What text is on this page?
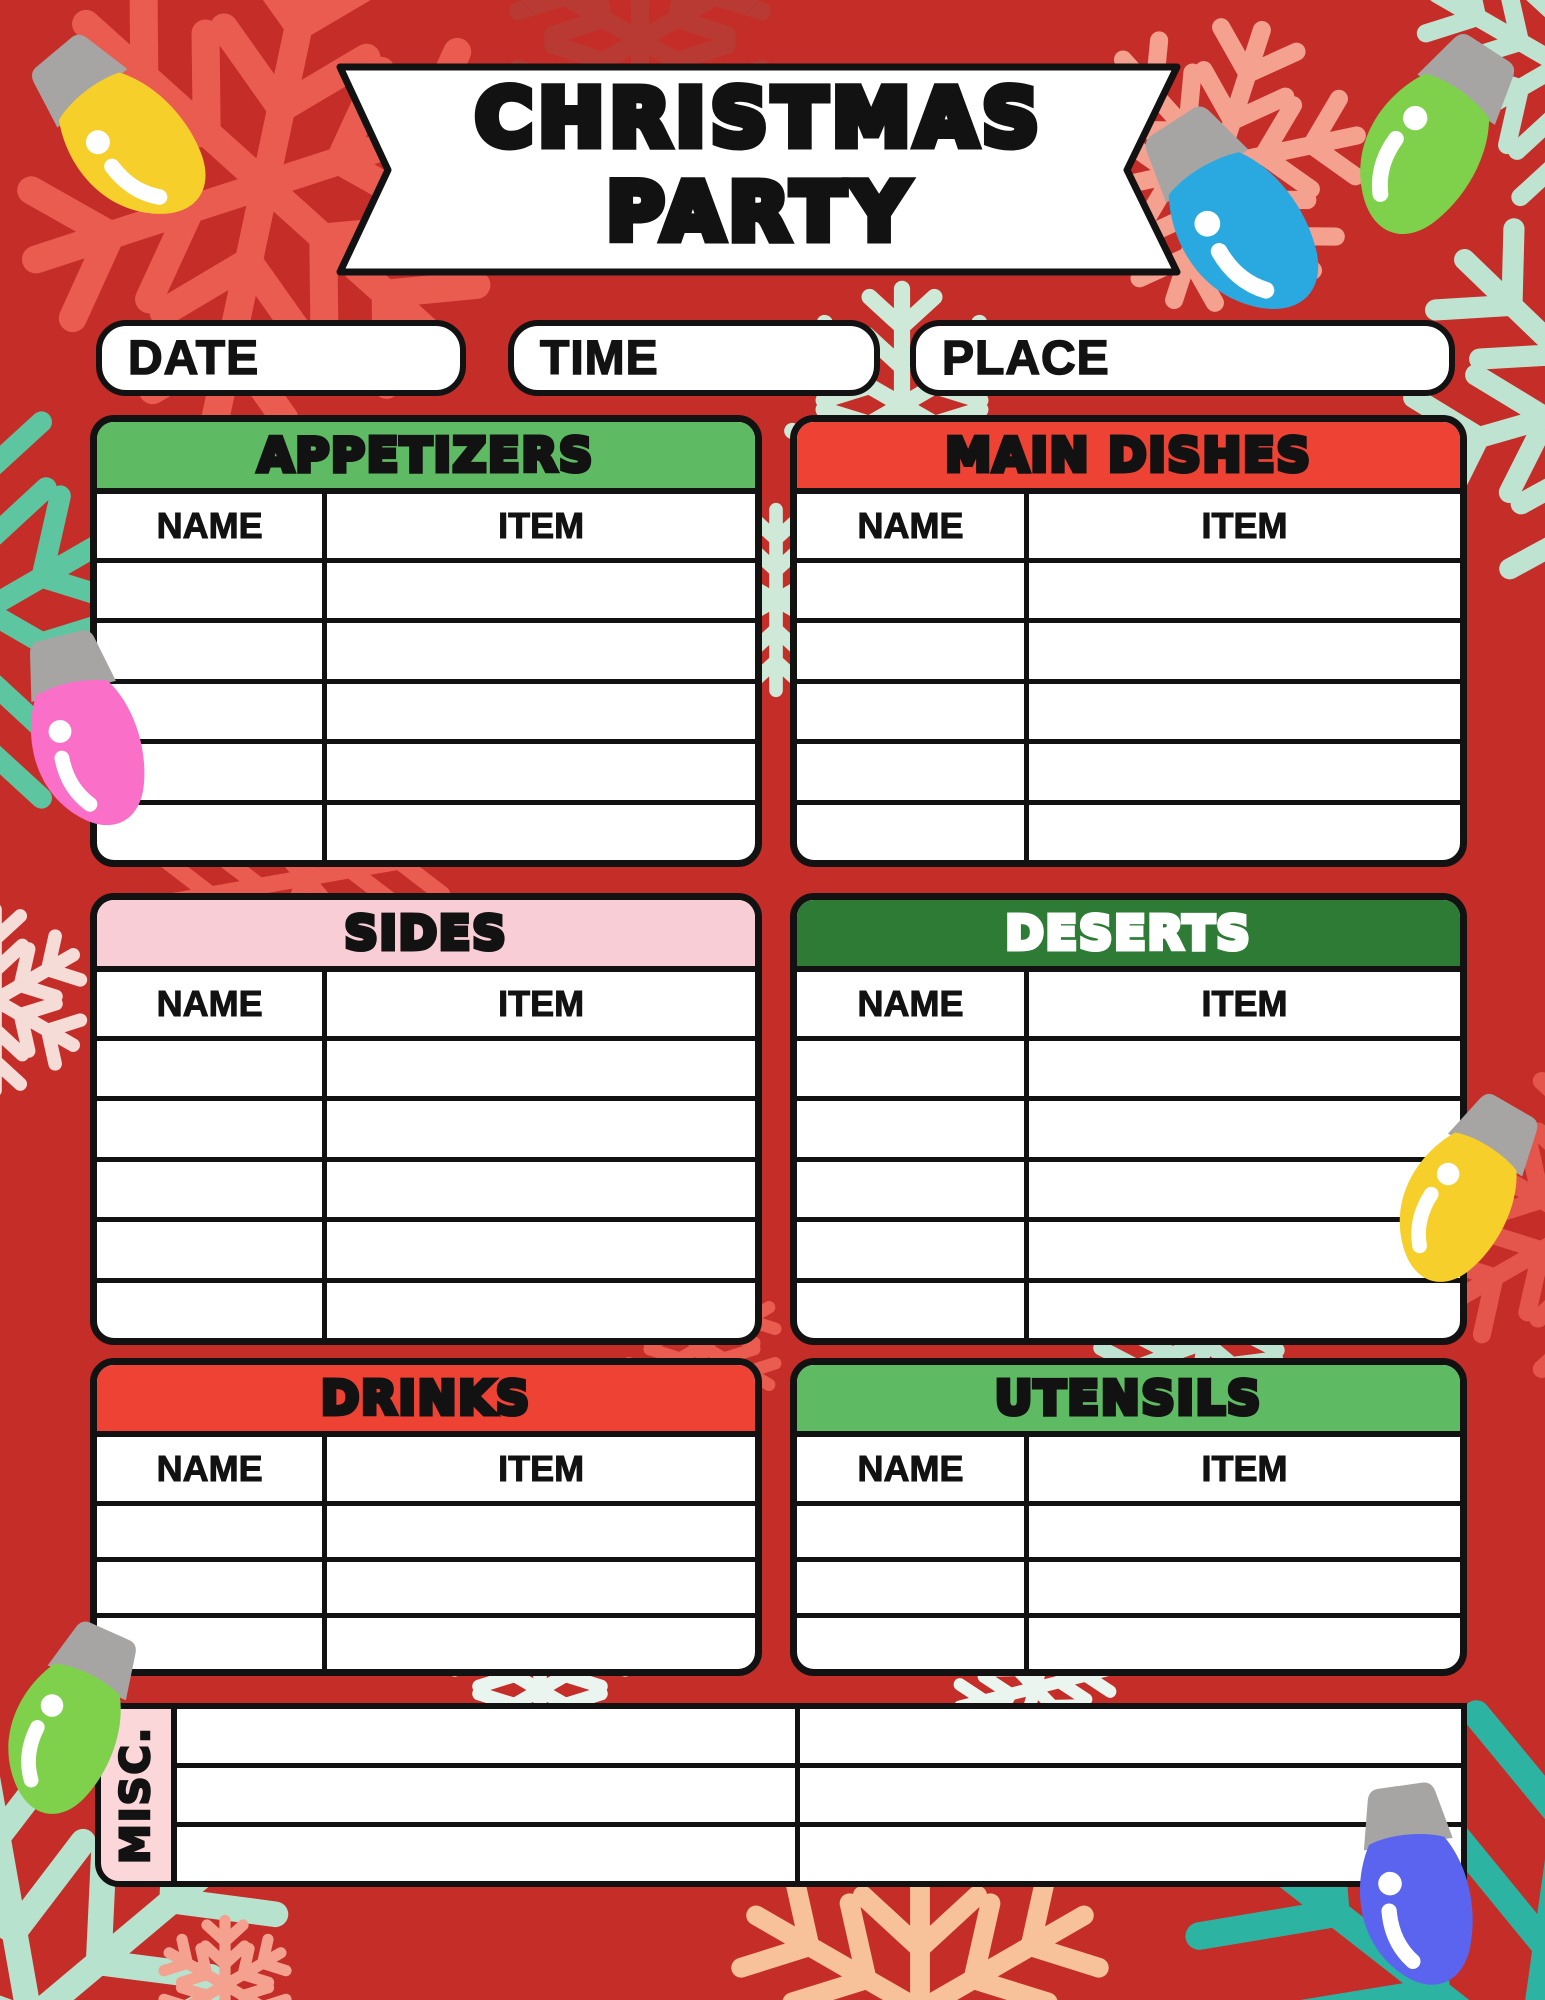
CHRISTMAS
PARTY
DATE	TIME	PLACE
APPETIZERS
NAME	ITEM
MAIN DISHES
NAME	ITEM
SIDES
NAME	ITEM
DESERTS
NAME	ITEM
DRINKS
NAME	ITEM
UTENSILS
NAME	ITEM
MISC.
